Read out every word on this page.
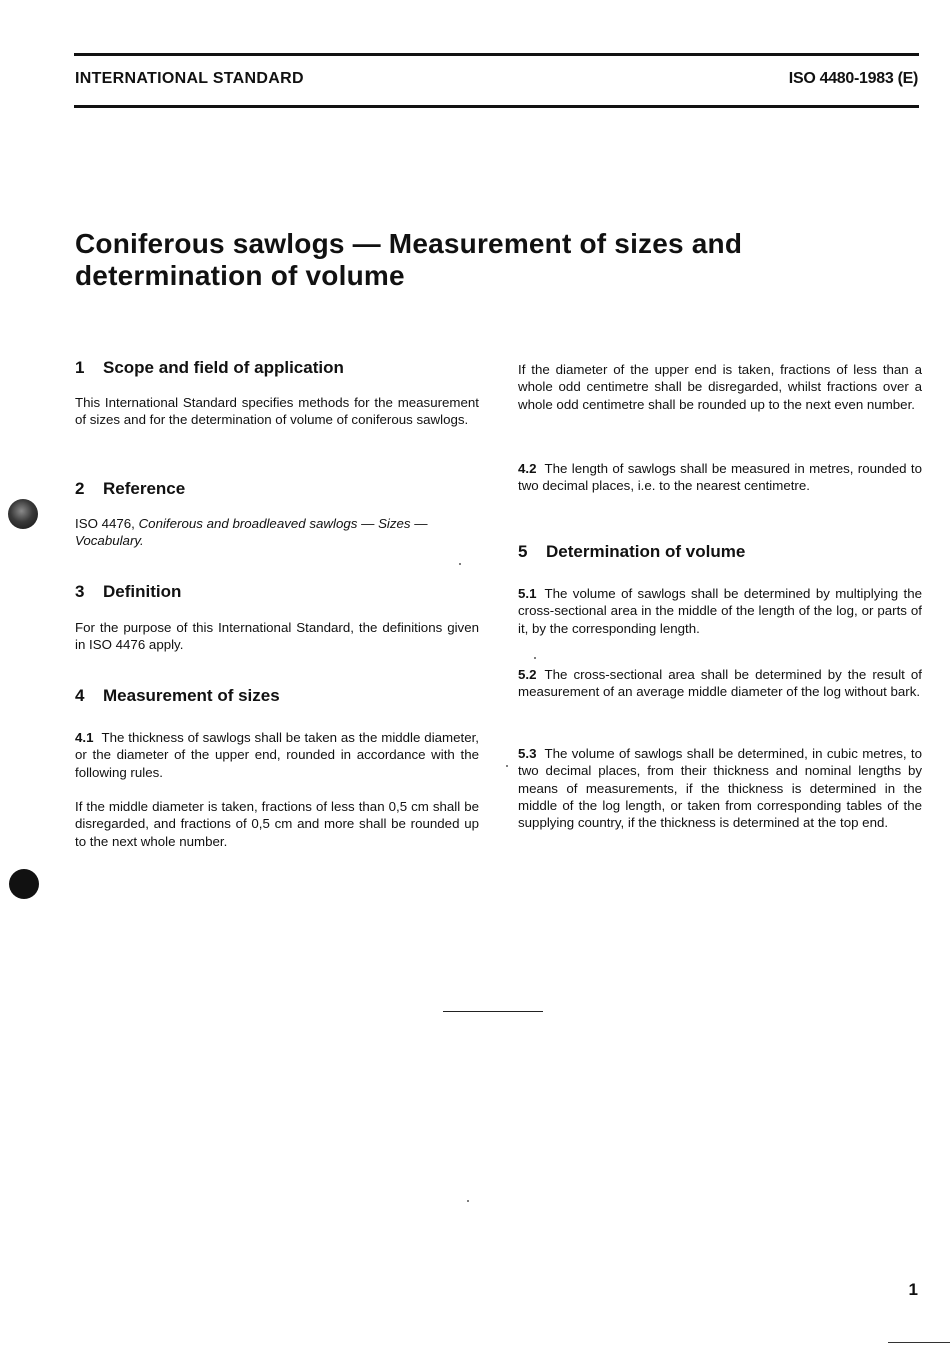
INTERNATIONAL STANDARD	ISO 4480-1983 (E)
Coniferous sawlogs — Measurement of sizes and determination of volume
1 Scope and field of application

This International Standard specifies methods for the measurement of sizes and for the determination of volume of coniferous sawlogs.

2 Reference

ISO 4476, Coniferous and broadleaved sawlogs — Sizes — Vocabulary.

3 Definition

For the purpose of this International Standard, the definitions given in ISO 4476 apply.

4 Measurement of sizes

4.1 The thickness of sawlogs shall be taken as the middle diameter, or the diameter of the upper end, rounded in accordance with the following rules.

If the middle diameter is taken, fractions of less than 0,5 cm shall be disregarded, and fractions of 0,5 cm and more shall be rounded up to the next whole number.

If the diameter of the upper end is taken, fractions of less than a whole odd centimetre shall be disregarded, whilst fractions over a whole odd centimetre shall be rounded up to the next even number.

4.2 The length of sawlogs shall be measured in metres, rounded to two decimal places, i.e. to the nearest centimetre.

5 Determination of volume

5.1 The volume of sawlogs shall be determined by multiplying the cross-sectional area in the middle of the length of the log, or parts of it, by the corresponding length.

5.2 The cross-sectional area shall be determined by the result of measurement of an average middle diameter of the log without bark.

5.3 The volume of sawlogs shall be determined, in cubic metres, to two decimal places, from their thickness and nominal lengths by means of measurements, if the thickness is determined in the middle of the log length, or taken from corresponding tables of the supplying country, if the thickness is determined at the top end.

1
